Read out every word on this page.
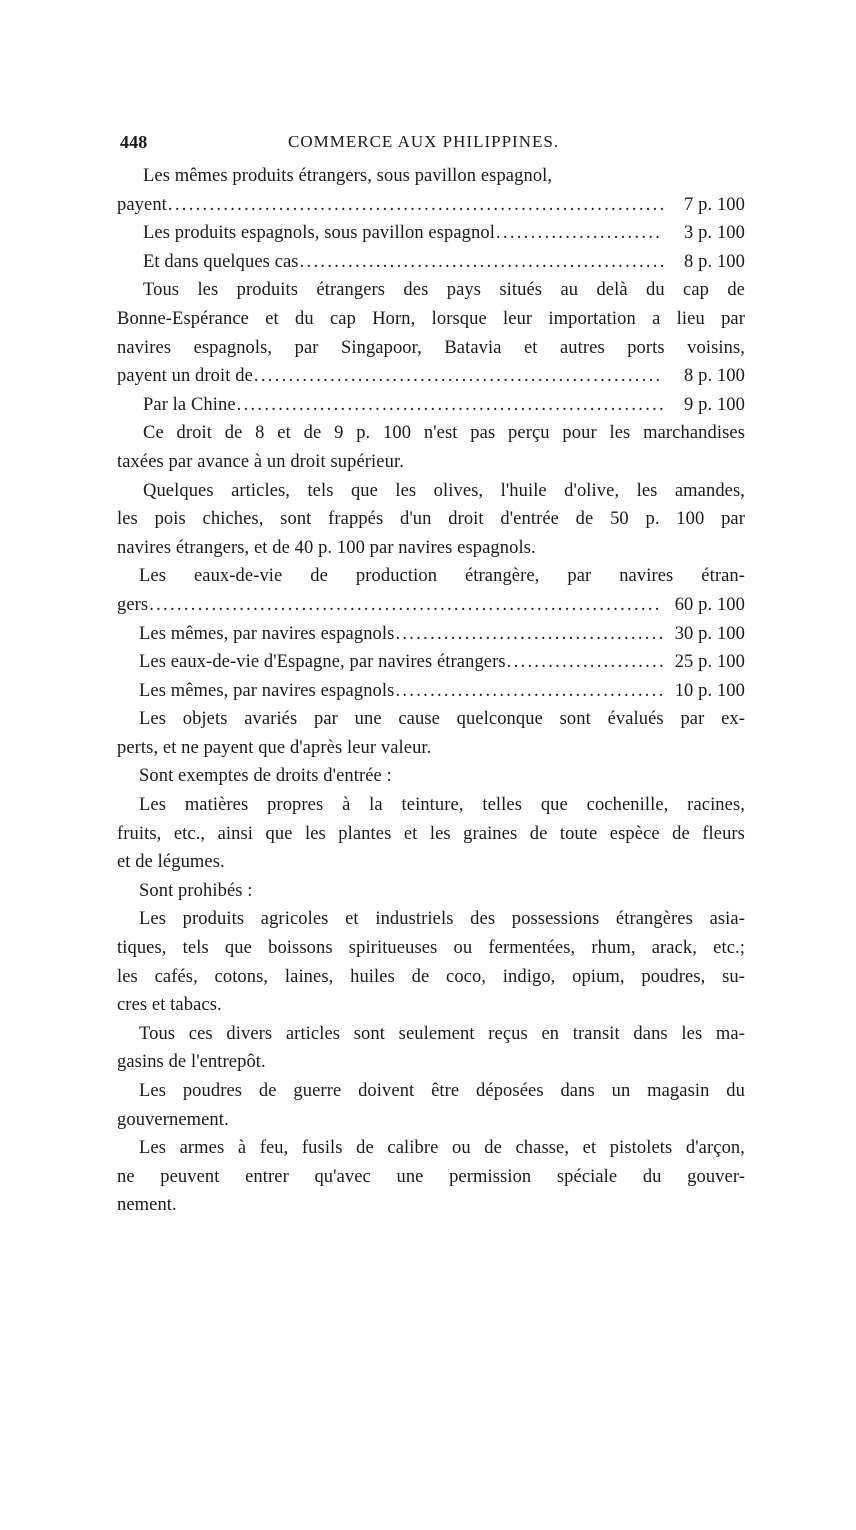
448	COMMERCE AUX PHILIPPINES.
Les mêmes produits étrangers, sous pavillon espagnol,
payent .....	7 p. 100
Les produits espagnols, sous pavillon espagnol .....	3 p. 100
Et dans quelques cas .....	8 p. 100
Tous les produits étrangers des pays situés au delà du cap de
Bonne-Espérance et du cap Horn, lorsque leur importation a lieu par
navires espagnols, par Singapoor, Batavia et autres ports voisins,
payent un droit de .....	8 p. 100
Par la Chine .....	9 p. 100
Ce droit de 8 et de 9 p. 100 n'est pas perçu pour les marchandises
taxées par avance à un droit supérieur.
Quelques articles, tels que les olives, l'huile d'olive, les amandes,
les pois chiches, sont frappés d'un droit d'entrée de 50 p. 100 par
navires étrangers, et de 40 p. 100 par navires espagnols.
Les eaux-de-vie de production étrangère, par navires étran-
gers .....	60 p. 100
Les mêmes, par navires espagnols .....	30 p. 100
Les eaux-de-vie d'Espagne, par navires étrangers .....	25 p. 100
Les mêmes, par navires espagnols .....	10 p. 100
Les objets avariés par une cause quelconque sont évalués par ex-
perts, et ne payent que d'après leur valeur.
Sont exemptes de droits d'entrée :
Les matières propres à la teinture, telles que cochenille, racines,
fruits, etc., ainsi que les plantes et les graines de toute espèce de fleurs
et de légumes.
Sont prohibés :
Les produits agricoles et industriels des possessions étrangères asia-
tiques, tels que boissons spiritueuses ou fermentées, rhum, arack, etc.;
les cafés, cotons, laines, huiles de coco, indigo, opium, poudres, su-
cres et tabacs.
Tous ces divers articles sont seulement reçus en transit dans les ma-
gasins de l'entrepôt.
Les poudres de guerre doivent être déposées dans un magasin du
gouvernement.
Les armes à feu, fusils de calibre ou de chasse, et pistolets d'arçon,
ne peuvent entrer qu'avec une permission spéciale du gouver-
nement.
